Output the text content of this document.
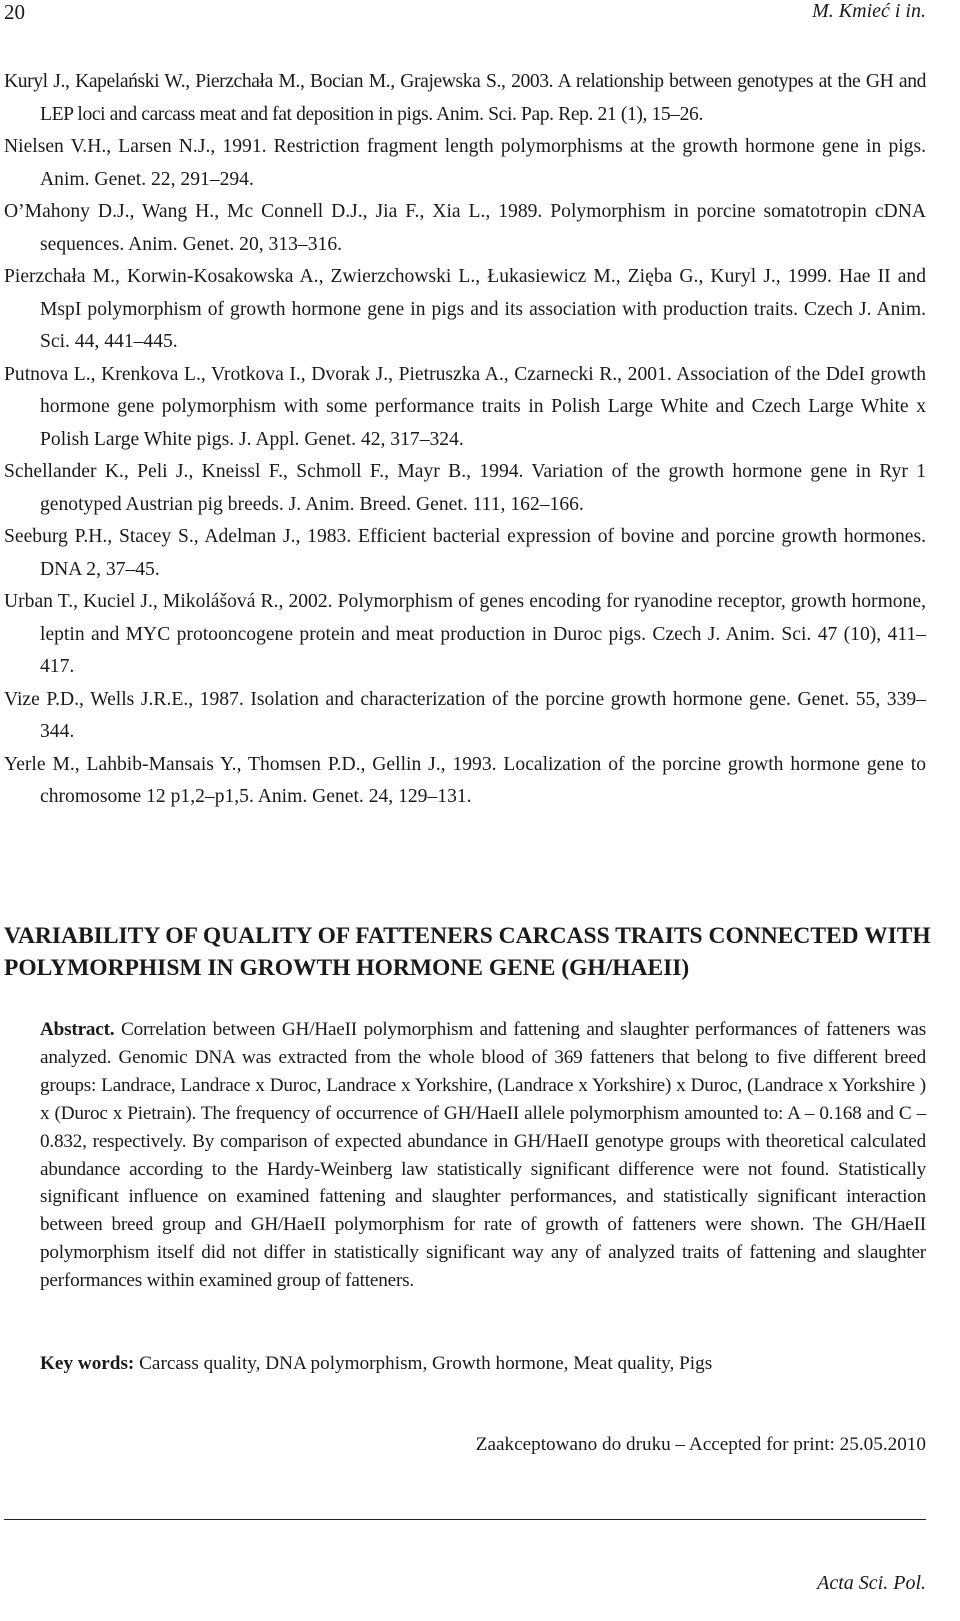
20	M. Kmieć i in.

Kuryl J., Kapelański W., Pierzchała M., Bocian M., Grajewska S., 2003. A relationship between genotypes at the GH and LEP loci and carcass meat and fat deposition in pigs. Anim. Sci. Pap. Rep. 21 (1), 15–26.

Nielsen V.H., Larsen N.J., 1991. Restriction fragment length polymorphisms at the growth hormone gene in pigs. Anim. Genet. 22, 291–294.

O’Mahony D.J., Wang H., Mc Connell D.J., Jia F., Xia L., 1989. Polymorphism in porcine somatotropin cDNA sequences. Anim. Genet. 20, 313–316.

Pierzchała M., Korwin-Kosakowska A., Zwierzchowski L., Łukasiewicz M., Zięba G., Kuryl J., 1999. Hae II and MspI polymorphism of growth hormone gene in pigs and its association with production traits. Czech J. Anim. Sci. 44, 441–445.

Putnova L., Krenkova L., Vrotkova I., Dvorak J., Pietruszka A., Czarnecki R., 2001. Association of the DdeI growth hormone gene polymorphism with some performance traits in Polish Large White and Czech Large White x Polish Large White pigs. J. Appl. Genet. 42, 317–324.

Schellander K., Peli J., Kneissl F., Schmoll F., Mayr B., 1994. Variation of the growth hormone gene in Ryr 1 genotyped Austrian pig breeds. J. Anim. Breed. Genet. 111, 162–166.

Seeburg P.H., Stacey S., Adelman J., 1983. Efficient bacterial expression of bovine and porcine growth hormones. DNA 2, 37–45.

Urban T., Kuciel J., Mikolášová R., 2002. Polymorphism of genes encoding for ryanodine receptor, growth hormone, leptin and MYC protooncogene protein and meat production in Duroc pigs. Czech J. Anim. Sci. 47 (10), 411–417.

Vize P.D., Wells J.R.E., 1987. Isolation and characterization of the porcine growth hormone gene. Genet. 55, 339–344.

Yerle M., Lahbib-Mansais Y., Thomsen P.D., Gellin J., 1993. Localization of the porcine growth hormone gene to chromosome 12 p1,2–p1,5. Anim. Genet. 24, 129–131.

VARIABILITY OF QUALITY OF FATTENERS CARCASS TRAITS CONNECTED WITH POLYMORPHISM IN GROWTH HORMONE GENE (GH/HAEII)

Abstract. Correlation between GH/HaeII polymorphism and fattening and slaughter performances of fatteners was analyzed. Genomic DNA was extracted from the whole blood of 369 fatteners that belong to five different breed groups: Landrace, Landrace x Duroc, Landrace x Yorkshire, (Landrace x Yorkshire) x Duroc, (Landrace x Yorkshire ) x (Duroc x Pietrain). The frequency of occurrence of GH/HaeII allele polymorphism amounted to: A – 0.168 and C – 0.832, respectively. By comparison of expected abundance in GH/HaeII genotype groups with theoretical calculated abundance according to the Hardy-Weinberg law statistically significant difference were not found. Statistically significant influence on examined fattening and slaughter performances, and statistically significant interaction between breed group and GH/HaeII polymorphism for rate of growth of fatteners were shown. The GH/HaeII polymorphism itself did not differ in statistically significant way any of analyzed traits of fattening and slaughter performances within examined group of fatteners.

Key words: Carcass quality, DNA polymorphism, Growth hormone, Meat quality, Pigs

Zaakceptowano do druku – Accepted for print: 25.05.2010
Acta Sci. Pol.
